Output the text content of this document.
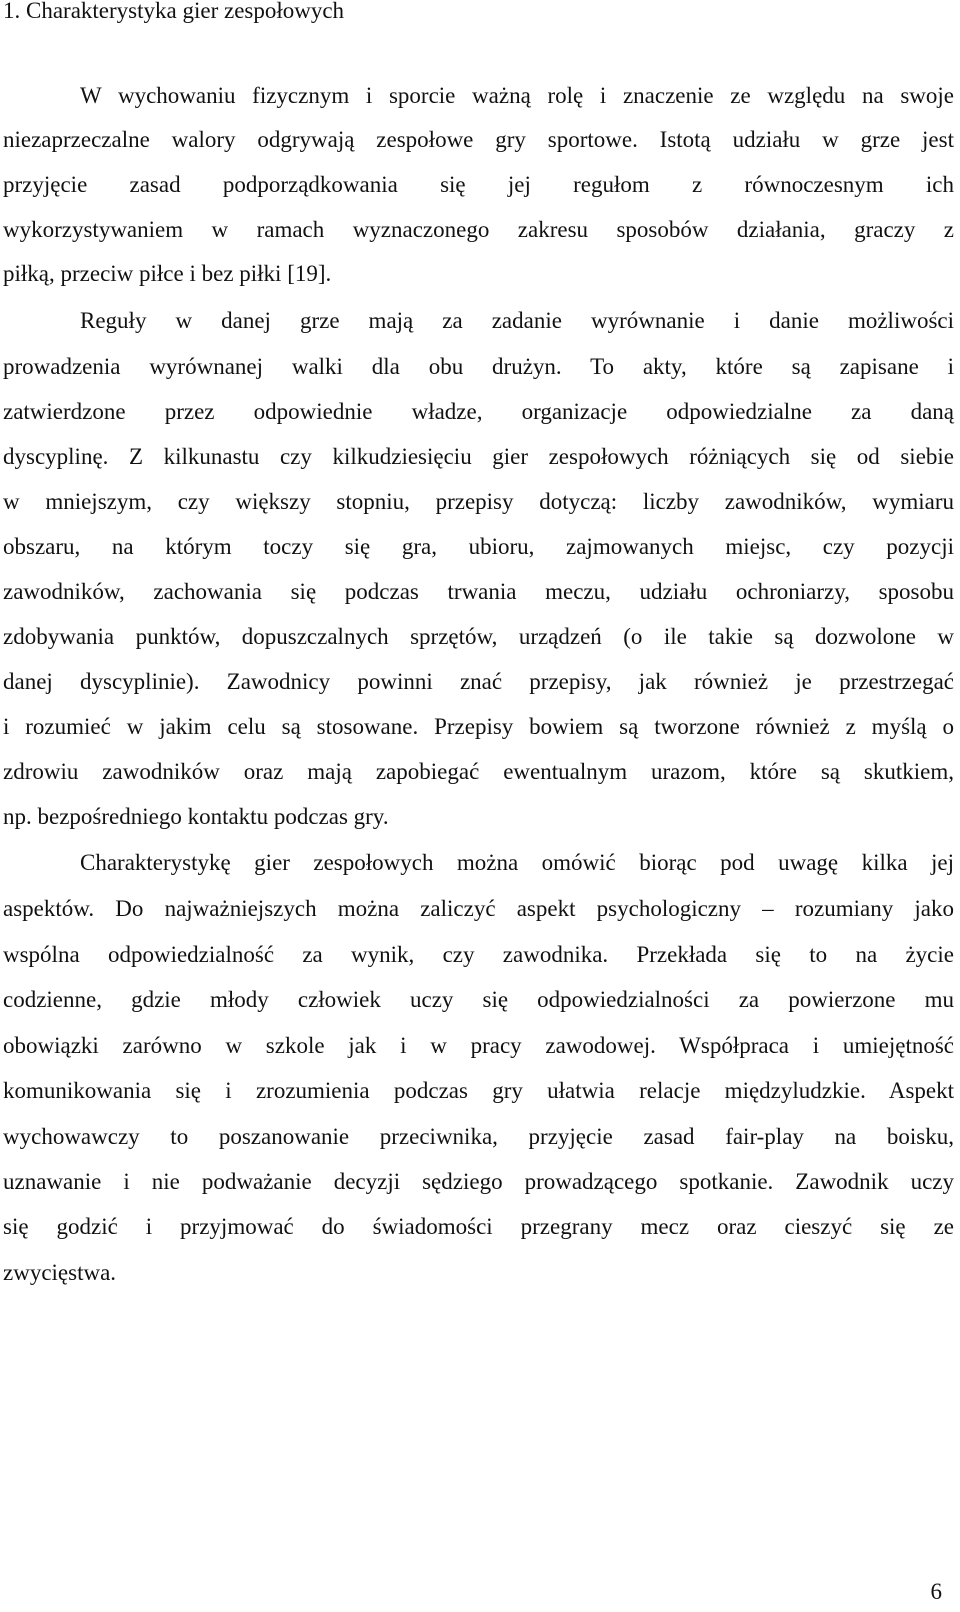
1. Charakterystyka gier zespołowych
W wychowaniu fizycznym i sporcie ważną rolę i znaczenie ze względu na swoje
niezaprzeczalne walory odgrywają zespołowe gry sportowe. Istotą udziału w grze jest
przyjęcie zasad podporządkowania się jej regułom z równoczesnym ich
wykorzystywaniem w ramach wyznaczonego zakresu sposobów działania, graczy z
piłką, przeciw piłce i bez piłki [19].
Reguły w danej grze mają za zadanie wyrównanie i danie możliwości
prowadzenia wyrównanej walki dla obu drużyn. To akty, które są zapisane i
zatwierdzone przez odpowiednie władze, organizacje odpowiedzialne za daną
dyscyplinę. Z kilkunastu czy kilkudziesięciu gier zespołowych różniących się od siebie
w mniejszym, czy większy stopniu, przepisy dotyczą: liczby zawodników, wymiaru
obszaru, na którym toczy się gra, ubioru, zajmowanych miejsc, czy pozycji
zawodników, zachowania się podczas trwania meczu, udziału ochroniarzy, sposobu
zdobywania punktów, dopuszczalnych sprzętów, urządzeń (o ile takie są dozwolone w
danej dyscyplinie). Zawodnicy powinni znać przepisy, jak również je przestrzegać
i rozumieć w jakim celu są stosowane. Przepisy bowiem są tworzone również z myślą o
zdrowiu zawodników oraz mają zapobiegać ewentualnym urazom, które są skutkiem,
np. bezpośredniego kontaktu podczas gry.
Charakterystykę gier zespołowych można omówić biorąc pod uwagę kilka jej
aspektów. Do najważniejszych można zaliczyć aspekt psychologiczny – rozumiany jako
wspólna odpowiedzialność za wynik, czy zawodnika. Przekłada się to na życie
codzienne, gdzie młody człowiek uczy się odpowiedzialności za powierzone mu
obowiązki zarówno w szkole jak i w pracy zawodowej. Współpraca i umiejętność
komunikowania się i zrozumienia podczas gry ułatwia relacje międzyludzkie. Aspekt
wychowawczy to poszanowanie przeciwnika, przyjęcie zasad fair-play na boisku,
uznawanie i nie podważanie decyzji sędziego prowadzącego spotkanie. Zawodnik uczy
się godzić i przyjmować do świadomości przegrany mecz oraz cieszyć się ze
zwycięstwa.
6
